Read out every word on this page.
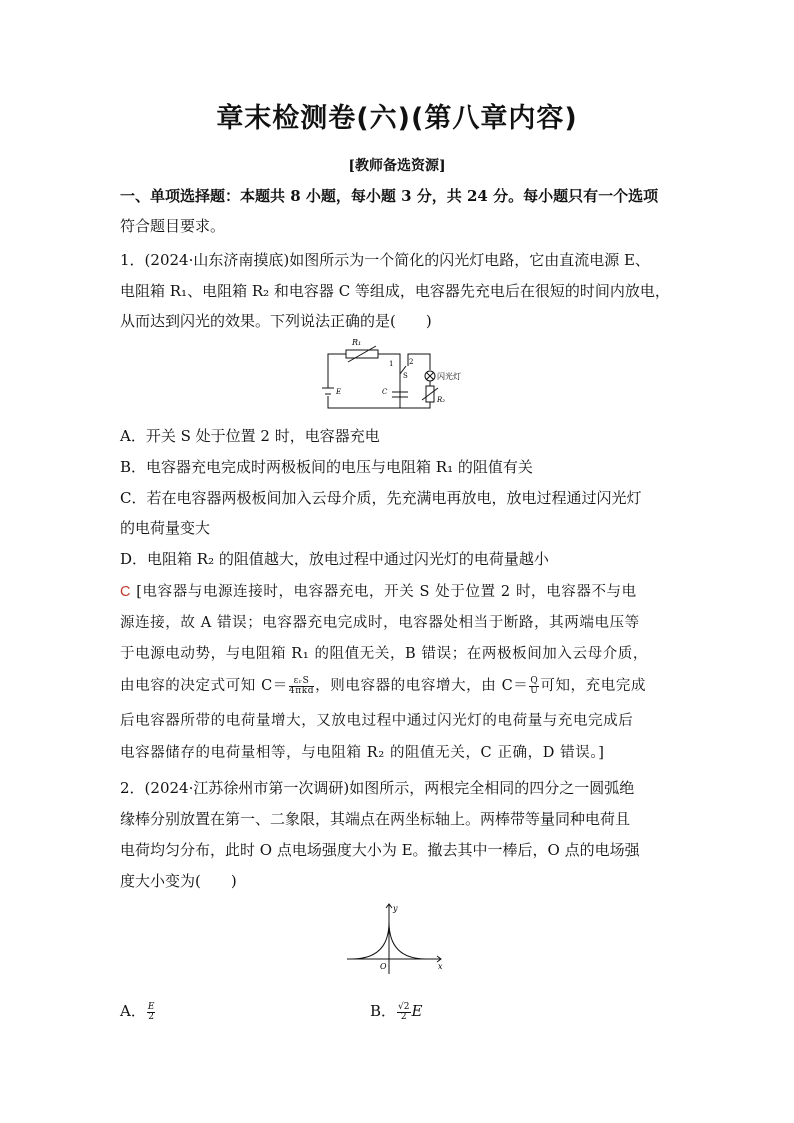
章末检测卷(六)(第八章内容)
[教师备选资源]
一、单项选择题：本题共 8 小题，每小题 3 分，共 24 分。每小题只有一个选项
符合题目要求。
1．(2024·山东济南摸底)如图所示为一个简化的闪光灯电路，它由直流电源 E、
电阻箱 R₁、电阻箱 R₂ 和电容器 C 等组成，电容器先充电后在很短的时间内放电，
从而达到闪光的效果。下列说法正确的是(　　)
R₁
1 2
S
E	C
闪光灯
R₂
A．开关 S 处于位置 2 时，电容器充电
B．电容器充电完成时两极板间的电压与电阻箱 R₁ 的阻值有关
C．若在电容器两极板间加入云母介质，先充满电再放电，放电过程通过闪光灯
的电荷量变大
D．电阻箱 R₂ 的阻值越大，放电过程中通过闪光灯的电荷量越小
C [电容器与电源连接时，电容器充电，开关 S 处于位置 2 时，电容器不与电
源连接，故 A 错误；电容器充电完成时，电容器处相当于断路，其两端电压等
于电源电动势，与电阻箱 R₁ 的阻值无关，B 错误；在两极板间加入云母介质，
由电容的决定式可知 $C= \frac{\text{εᵣS}}{\text{4πkd}}$ ，则电容器的电容增大，由 $C= \frac{Q}{U}$ 可知，充电完成
后电容器所带的电荷量增大，又放电过程中通过闪光灯的电荷量与充电完成后
电容器储存的电荷量相等，与电阻箱 R₂ 的阻值无关，C 正确，D 错误。]
2．(2024·江苏徐州市第一次调研)如图所示，两根完全相同的四分之一圆弧绝
缘棒分别放置在第一、二象限，其端点在两坐标轴上。两棒带等量同种电荷且
电荷均匀分布，此时 O 点电场强度大小为 E。撤去其中一棒后，O 点的电场强
度大小变为(　　)
y
x
O
A． $\frac{E}{2}$	B． $\frac{√2}{2}$ E
